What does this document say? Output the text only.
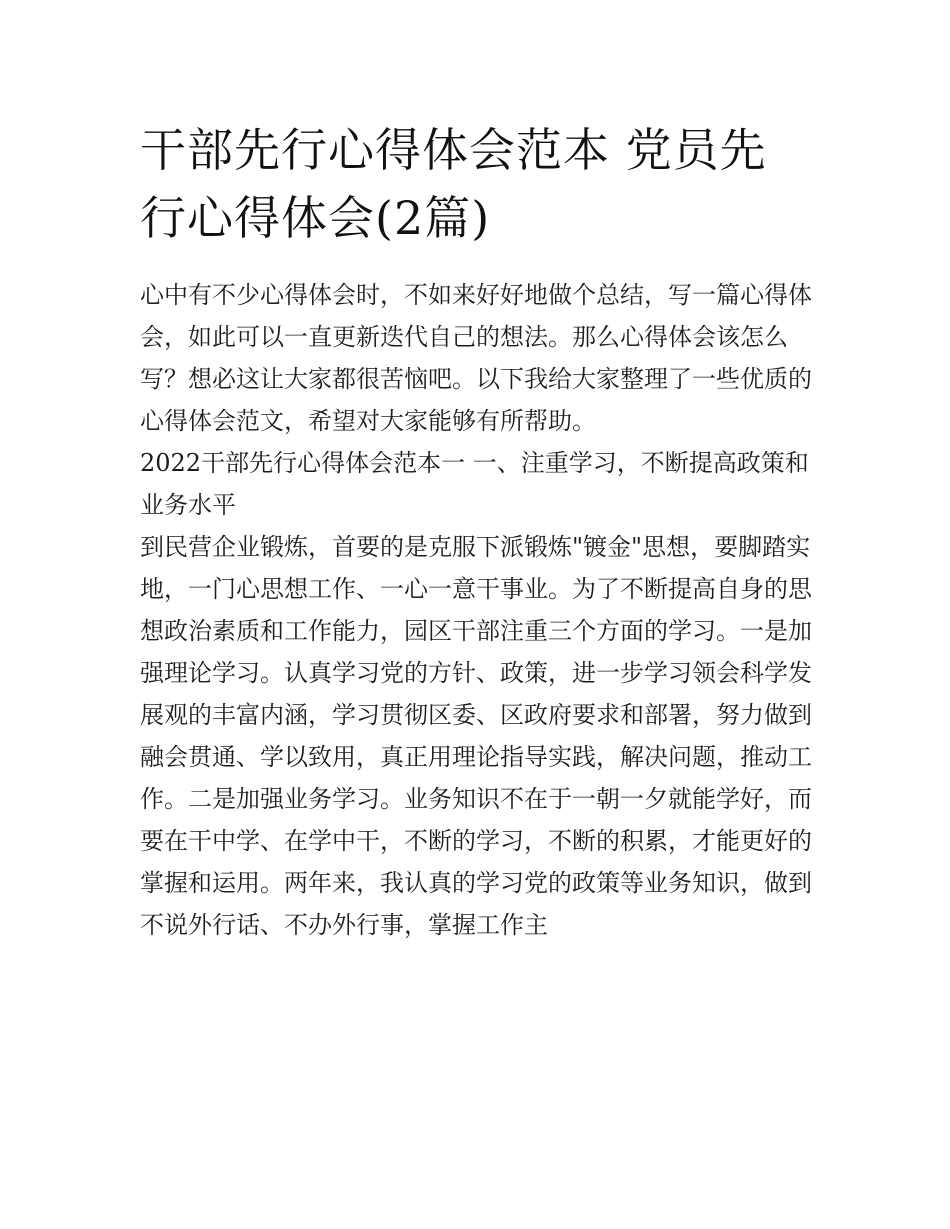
干部先行心得体会范本 党员先行心得体会(2篇)

心中有不少心得体会时，不如来好好地做个总结，写一篇心得体会，如此可以一直更新迭代自己的想法。那么心得体会该怎么写？想必这让大家都很苦恼吧。以下我给大家整理了一些优质的心得体会范文，希望对大家能够有所帮助。

2022干部先行心得体会范本一 一、注重学习，不断提高政策和业务水平

到民营企业锻炼，首要的是克服下派锻炼"镀金"思想，要脚踏实地，一门心思想工作、一心一意干事业。为了不断提高自身的思想政治素质和工作能力，园区干部注重三个方面的学习。一是加强理论学习。认真学习党的方针、政策，进一步学习领会科学发展观的丰富内涵，学习贯彻区委、区政府要求和部署，努力做到融会贯通、学以致用，真正用理论指导实践，解决问题，推动工作。二是加强业务学习。业务知识不在于一朝一夕就能学好，而要在干中学、在学中干，不断的学习，不断的积累，才能更好的掌握和运用。两年来，我认真的学习党的政策等业务知识，做到不说外行话、不办外行事，掌握工作主
